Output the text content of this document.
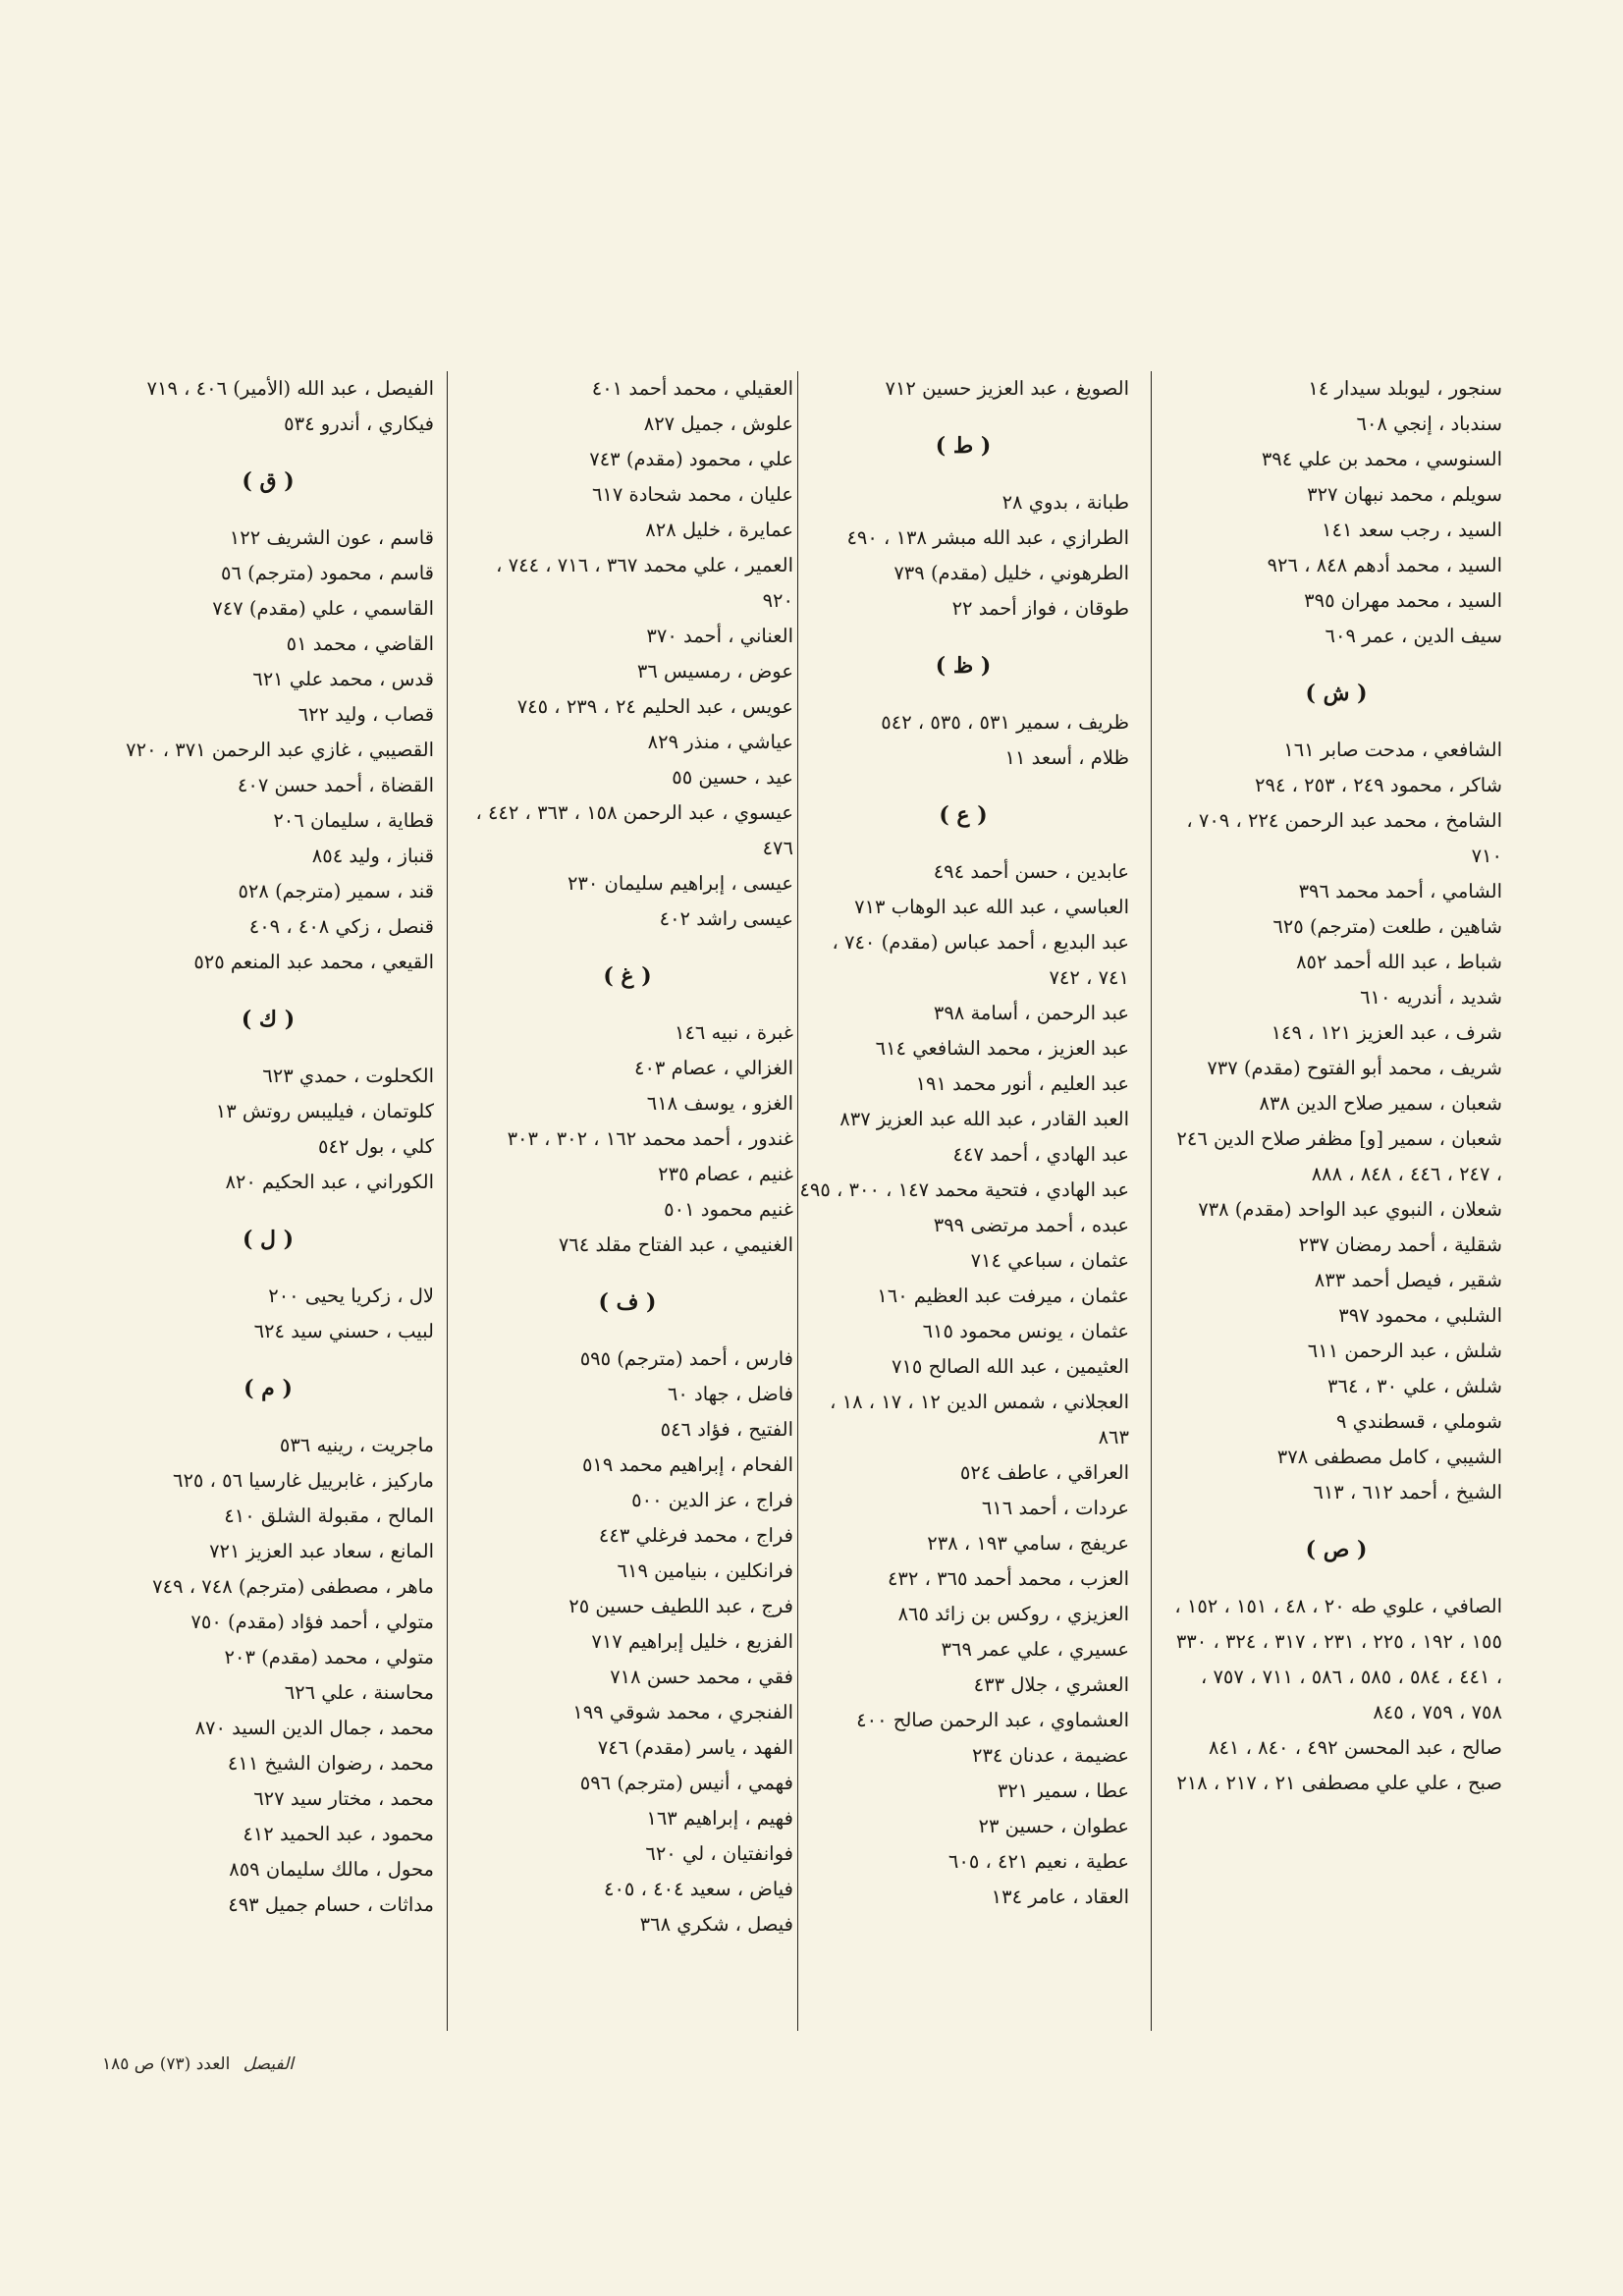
سنجور ، ليوبلد سيدار ١٤
سندباد ، إنجي ٦٠٨
السنوسي ، محمد بن علي ٣٩٤
سويلم ، محمد نبهان ٣٢٧
السيد ، رجب سعد ١٤١
السيد ، محمد أدهم ٨٤٨ ، ٩٢٦
السيد ، محمد مهران ٣٩٥
سيف الدين ، عمر ٦٠٩
( ش )
الشافعي ، مدحت صابر ١٦١
شاكر ، محمود ٢٤٩ ، ٢٥٣ ، ٢٩٤
الشامخ ، محمد عبد الرحمن ٢٢٤ ، ٧٠٩ ، ٧١٠
الشامي ، أحمد محمد ٣٩٦
شاهين ، طلعت (مترجم) ٦٢٥
شباط ، عبد الله أحمد ٨٥٢
شديد ، أندريه ٦١٠
شرف ، عبد العزيز ١٢١ ، ١٤٩
شريف ، محمد أبو الفتوح (مقدم) ٧٣٧
شعبان ، سمير صلاح الدين ٨٣٨
شعبان ، سمير [و] مظفر صلاح الدين ٢٤٦ ، ٢٤٧ ، ٤٤٦ ، ٨٤٨ ، ٨٨٨
شعلان ، النبوي عبد الواحد (مقدم) ٧٣٨
شقلية ، أحمد رمضان ٢٣٧
شقير ، فيصل أحمد ٨٣٣
الشلبي ، محمود ٣٩٧
شلش ، عبد الرحمن ٦١١
شلش ، علي ٣٠ ، ٣٦٤
شوملي ، قسطندي ٩
الشيبي ، كامل مصطفى ٣٧٨
الشيخ ، أحمد ٦١٢ ، ٦١٣
( ص )
الصافي ، علوي طه ٢٠ ، ٤٨ ، ١٥١ ، ١٥٢ ، ١٥٥ ، ١٩٢ ، ٢٢٥ ، ٢٣١ ، ٣١٧ ، ٣٢٤ ، ٣٣٠ ، ٤٤١ ، ٥٨٤ ، ٥٨٥ ، ٥٨٦ ، ٧١١ ، ٧٥٧ ، ٧٥٨ ، ٧٥٩ ، ٨٤٥
صالح ، عبد المحسن ٤٩٢ ، ٨٤٠ ، ٨٤١
صبح ، علي علي مصطفى ٢١ ، ٢١٧ ، ٢١٨
الصويغ ، عبد العزيز حسين ٧١٢
( ط )
طبانة ، بدوي ٢٨
الطرازي ، عبد الله مبشر ١٣٨ ، ٤٩٠
الطرهوني ، خليل (مقدم) ٧٣٩
طوقان ، فواز أحمد ٢٢
( ظ )
ظريف ، سمير ٥٣١ ، ٥٣٥ ، ٥٤٢
ظلام ، أسعد ١١
( ع )
عابدين ، حسن أحمد ٤٩٤
العباسي ، عبد الله عبد الوهاب ٧١٣
عبد البديع ، أحمد عباس (مقدم) ٧٤٠ ، ٧٤١ ، ٧٤٢
عبد الرحمن ، أسامة ٣٩٨
عبد العزيز ، محمد الشافعي ٦١٤
عبد العليم ، أنور محمد ١٩١
العبد القادر ، عبد الله عبد العزيز ٨٣٧
عبد الهادي ، أحمد ٤٤٧
عبد الهادي ، فتحية محمد ١٤٧ ، ٣٠٠ ، ٤٩٥
عبده ، أحمد مرتضى ٣٩٩
عثمان ، سباعي ٧١٤
عثمان ، ميرفت عبد العظيم ١٦٠
عثمان ، يونس محمود ٦١٥
العثيمين ، عبد الله الصالح ٧١٥
العجلاني ، شمس الدين ١٢ ، ١٧ ، ١٨ ، ٨٦٣
العراقي ، عاطف ٥٢٤
عردات ، أحمد ٦١٦
عريفج ، سامي ١٩٣ ، ٢٣٨
العزب ، محمد أحمد ٣٦٥ ، ٤٣٢
العزيزي ، روكس بن زائد ٨٦٥
عسيري ، علي عمر ٣٦٩
العشري ، جلال ٤٣٣
العشماوي ، عبد الرحمن صالح ٤٠٠
عضيمة ، عدنان ٢٣٤
عطا ، سمير ٣٢١
عطوان ، حسين ٢٣
عطية ، نعيم ٤٢١ ، ٦٠٥
العقاد ، عامر ١٣٤
العقيلي ، محمد أحمد ٤٠١
علوش ، جميل ٨٢٧
علي ، محمود (مقدم) ٧٤٣
عليان ، محمد شحادة ٦١٧
عمايرة ، خليل ٨٢٨
العمير ، علي محمد ٣٦٧ ، ٧١٦ ، ٧٤٤ ، ٩٢٠
العناني ، أحمد ٣٧٠
عوض ، رمسيس ٣٦
عويس ، عبد الحليم ٢٤ ، ٢٣٩ ، ٧٤٥
عياشي ، منذر ٨٢٩
عيد ، حسين ٥٥
عيسوي ، عبد الرحمن ١٥٨ ، ٣٦٣ ، ٤٤٢ ، ٤٧٦
عيسى ، إبراهيم سليمان ٢٣٠
عيسى راشد ٤٠٢
( غ )
غبرة ، نبيه ١٤٦
الغزالي ، عصام ٤٠٣
الغزو ، يوسف ٦١٨
غندور ، أحمد محمد ١٦٢ ، ٣٠٢ ، ٣٠٣
غنيم ، عصام ٢٣٥
غنيم محمود ٥٠١
الغنيمي ، عبد الفتاح مقلد ٧٦٤
( ف )
فارس ، أحمد (مترجم) ٥٩٥
فاضل ، جهاد ٦٠
الفتيح ، فؤاد ٥٤٦
الفحام ، إبراهيم محمد ٥١٩
فراج ، عز الدين ٥٠٠
فراج ، محمد فرغلي ٤٤٣
فرانكلين ، بنيامين ٦١٩
فرج ، عبد اللطيف حسين ٢٥
الفزيع ، خليل إبراهيم ٧١٧
فقي ، محمد حسن ٧١٨
الفنجري ، محمد شوقي ١٩٩
الفهد ، ياسر (مقدم) ٧٤٦
فهمي ، أنيس (مترجم) ٥٩٦
فهيم ، إبراهيم ١٦٣
فوانفتيان ، لي ٦٢٠
فياض ، سعيد ٤٠٤ ، ٤٠٥
فيصل ، شكري ٣٦٨
الفيصل ، عبد الله (الأمير) ٤٠٦ ، ٧١٩
فيكاري ، أندرو ٥٣٤
( ق )
قاسم ، عون الشريف ١٢٢
قاسم ، محمود (مترجم) ٥٦
القاسمي ، علي (مقدم) ٧٤٧
القاضي ، محمد ٥١
قدس ، محمد علي ٦٢١
قصاب ، وليد ٦٢٢
القصيبي ، غازي عبد الرحمن ٣٧١ ، ٧٢٠
القضاة ، أحمد حسن ٤٠٧
قطاية ، سليمان ٢٠٦
قنباز ، وليد ٨٥٤
قند ، سمير (مترجم) ٥٢٨
قنصل ، زكي ٤٠٨ ، ٤٠٩
القيعي ، محمد عبد المنعم ٥٢٥
( ك )
الكحلوت ، حمدي ٦٢٣
كلوتمان ، فيليبس روتش ١٣
كلي ، بول ٥٤٢
الكوراني ، عبد الحكيم ٨٢٠
( ل )
لال ، زكريا يحيى ٢٠٠
لبيب ، حسني سيد ٦٢٤
( م )
ماجريت ، رينيه ٥٣٦
ماركيز ، غابرييل غارسيا ٥٦ ، ٦٢٥
المالح ، مقبولة الشلق ٤١٠
المانع ، سعاد عبد العزيز ٧٢١
ماهر ، مصطفى (مترجم) ٧٤٨ ، ٧٤٩
متولي ، أحمد فؤاد (مقدم) ٧٥٠
متولي ، محمد (مقدم) ٢٠٣
محاسنة ، علي ٦٢٦
محمد ، جمال الدين السيد ٨٧٠
محمد ، رضوان الشيخ ٤١١
محمد ، مختار سيد ٦٢٧
محمود ، عبد الحميد ٤١٢
محول ، مالك سليمان ٨٥٩
مداثات ، حسام جميل ٤٩٣
الفيصل العدد (٧٣) ص ١٨٥
